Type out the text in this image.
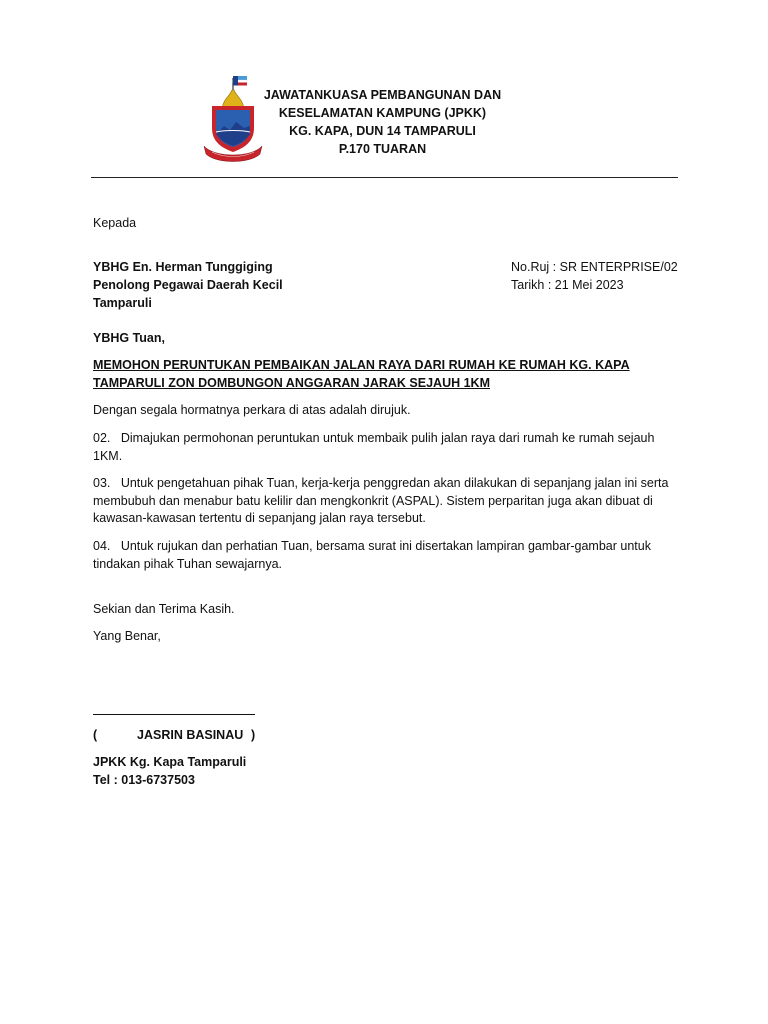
JAWATANKUASA PEMBANGUNAN DAN
KESELAMATAN KAMPUNG (JPKK)
KG. KAPA, DUN 14 TAMPARULI
P.170 TUARAN
Kepada
YBHG En. Herman Tunggiging
Penolong Pegawai Daerah Kecil
Tamparuli
No.Ruj : SR ENTERPRISE/02
Tarikh : 21 Mei 2023
YBHG Tuan,
MEMOHON PERUNTUKAN PEMBAIKAN JALAN RAYA DARI RUMAH KE RUMAH KG. KAPA TAMPARULI ZON DOMBUNGON ANGGARAN JARAK SEJAUH 1KM
Dengan segala hormatnya perkara di atas adalah dirujuk.
02. Dimajukan permohonan peruntukan untuk membaik pulih jalan raya dari rumah ke rumah sejauh 1KM.
03. Untuk pengetahuan pihak Tuan, kerja-kerja penggredan akan dilakukan di sepanjang jalan ini serta membubuh dan menabur batu kelilir dan mengkonkrit (ASPAL). Sistem perparitan juga akan dibuat di kawasan-kawasan tertentu di sepanjang jalan raya tersebut.
04. Untuk rujukan dan perhatian Tuan, bersama surat ini disertakan lampiran gambar-gambar untuk tindakan pihak Tuhan sewajarnya.
Sekian dan Terima Kasih.
Yang Benar,
(	JASRIN BASINAU )
JPKK Kg. Kapa Tamparuli
Tel : 013-6737503
